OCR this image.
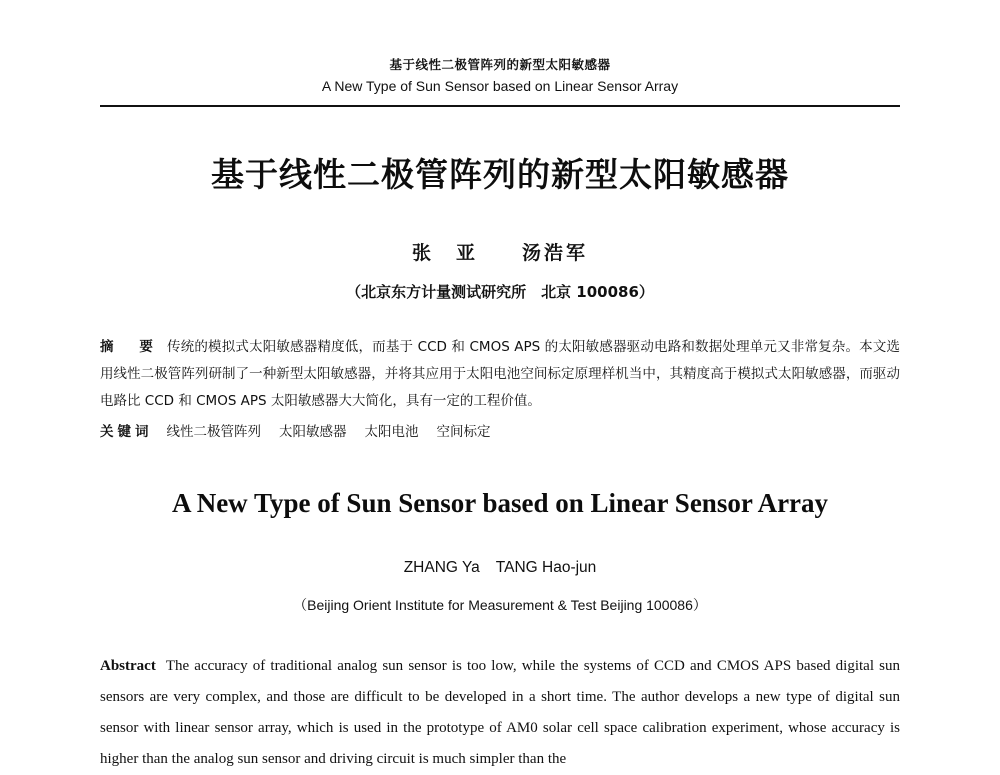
基于线性二极管阵列的新型太阳敏感器
A New Type of Sun Sensor based on Linear Sensor Array
基于线性二极管阵列的新型太阳敏感器
张　亚　　汤浩军
（北京东方计量测试研究所　北京 100086）
摘　要 传统的模拟式太阳敏感器精度低，而基于 CCD 和 CMOS APS 的太阳敏感器驱动电路和数据处理单元又非常复杂。本文选用线性二极管阵列研制了一种新型太阳敏感器，并将其应用于太阳电池空间标定原理样机当中，其精度高于模拟式太阳敏感器，而驱动电路比 CCD 和 CMOS APS 太阳敏感器大大简化，具有一定的工程价值。
关键词 线性二极管阵列 太阳敏感器 太阳电池 空间标定
A New Type of Sun Sensor based on Linear Sensor Array
ZHANG Ya TANG Hao-jun
（Beijing Orient Institute for Measurement & Test Beijing 100086）
Abstract The accuracy of traditional analog sun sensor is too low, while the systems of CCD and CMOS APS based digital sun sensors are very complex, and those are difficult to be developed in a short time. The author develops a new type of digital sun sensor with linear sensor array, which is used in the prototype of AM0 solar cell space calibration experiment, whose accuracy is higher than the analog sun sensor and driving circuit is much simpler than the
